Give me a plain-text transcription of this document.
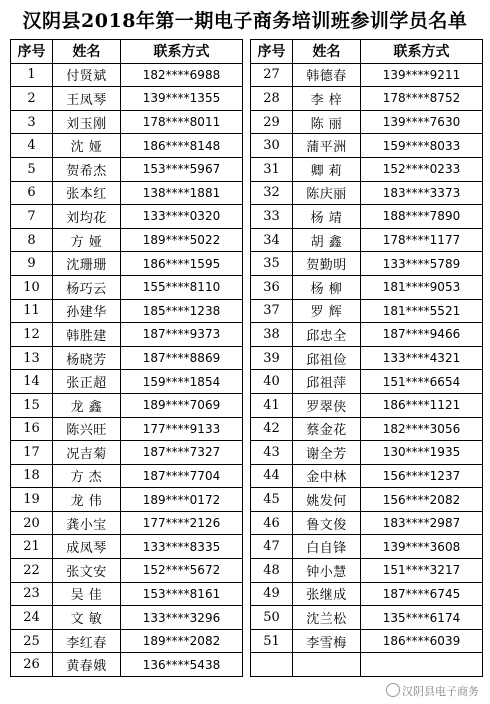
汉阴县2018年第一期电子商务培训班参训学员名单
序号	姓名	联系方式
1	付贤斌	182****6988
2	王凤琴	139****1355
3	刘玉刚	178****8011
4	沈 娅	186****8148
5	贺希杰	153****5967
6	张本红	138****1881
7	刘均花	133****0320
8	方 娅	189****5022
9	沈珊珊	186****1595
10	杨巧云	155****8110
11	孙建华	185****1238
12	韩胜建	187****9373
13	杨晓芳	187****8869
14	张正超	159****1854
15	龙 鑫	189****7069
16	陈兴旺	177****9133
17	况吉菊	187****7327
18	方 杰	187****7704
19	龙 伟	189****0172
20	龚小宝	177****2126
21	成凤琴	133****8335
22	张文安	152****5672
23	吴 佳	153****8161
24	文 敏	133****3296
25	李红春	189****2082
26	黄春娥	136****5438
序号	姓名	联系方式
27	韩德春	139****9211
28	李 梓	178****8752
29	陈 丽	139****7630
30	蒲平洲	159****8033
31	卿 莉	152****0233
32	陈庆丽	183****3373
33	杨 靖	188****7890
34	胡 鑫	178****1177
35	贺勤明	133****5789
36	杨 柳	181****9053
37	罗 辉	181****5521
38	邱忠全	187****9466
39	邱祖俭	133****4321
40	邱祖萍	151****6654
41	罗翠侠	186****1121
42	蔡金花	182****3056
43	谢全芳	130****1935
44	金中林	156****1237
45	姚发何	156****2082
46	鲁文俊	183****2987
47	白自锋	139****3608
48	钟小慧	151****3217
49	张继成	187****6745
50	沈兰松	135****6174
51	李雪梅	186****6039

汉阴县电子商务
